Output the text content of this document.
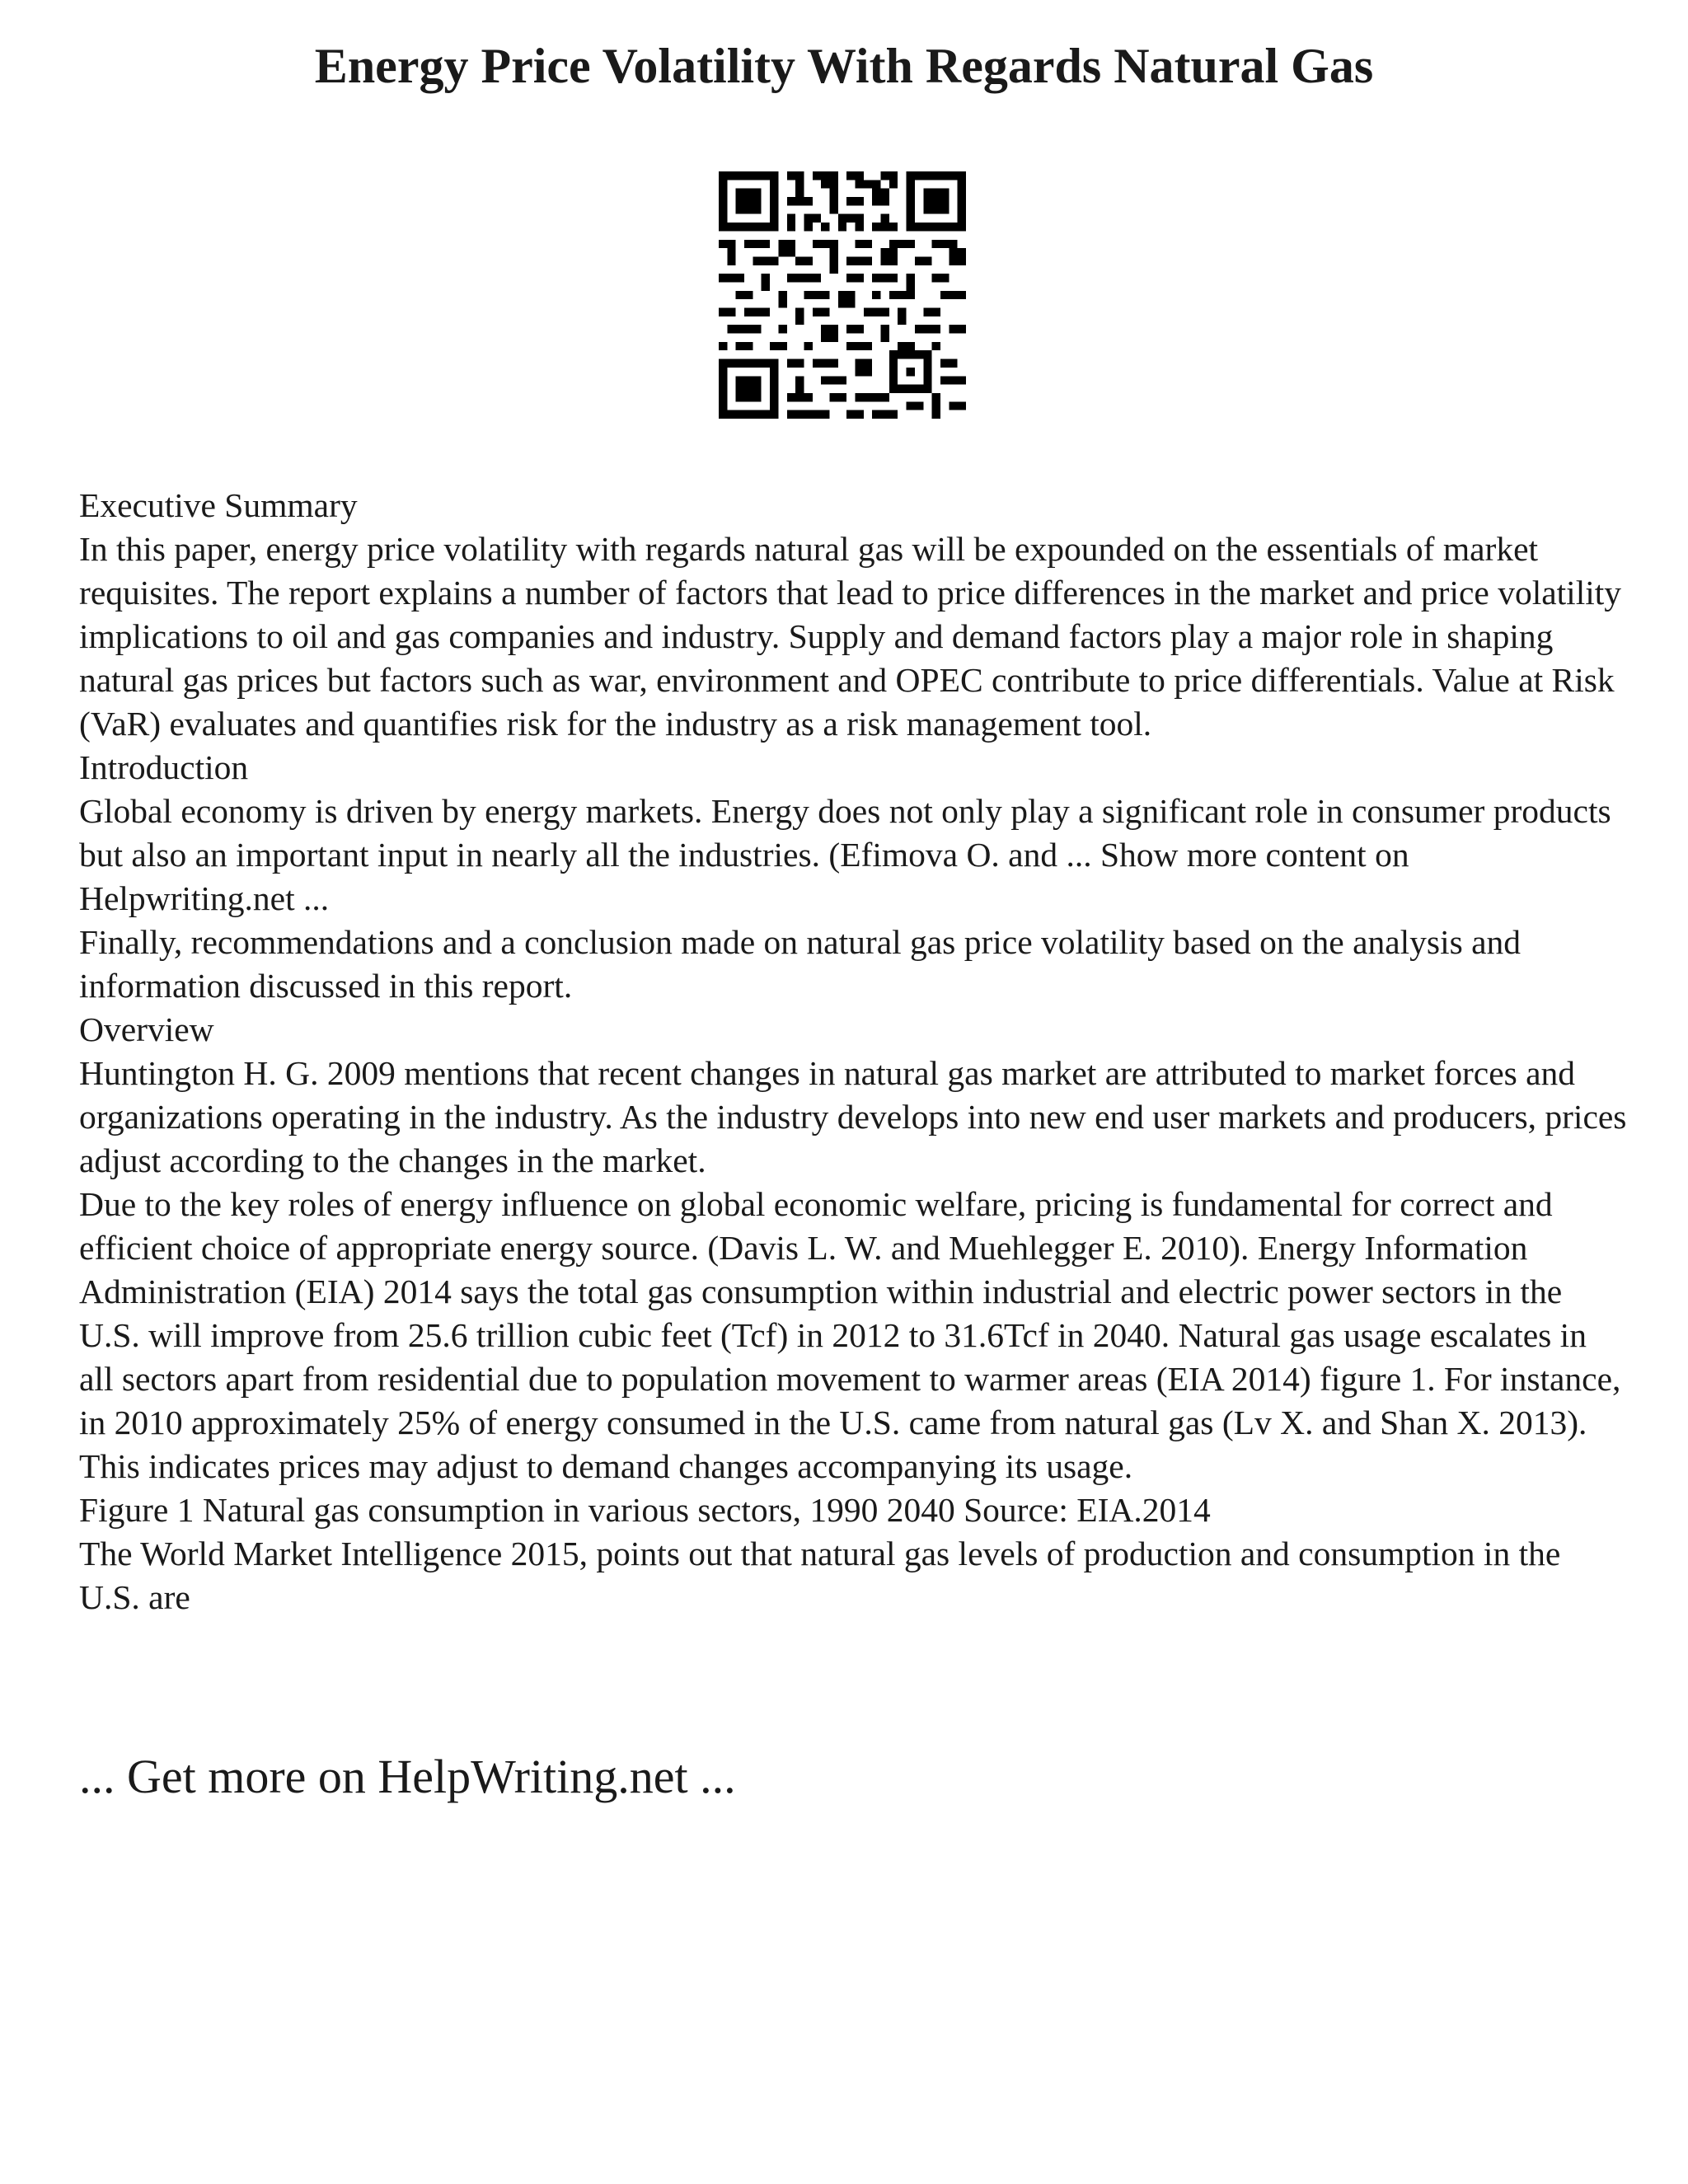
Energy Price Volatility With Regards Natural Gas

Executive Summary

In this paper, energy price volatility with regards natural gas will be expounded on the essentials of market requisites. The report explains a number of factors that lead to price differences in the market and price volatility implications to oil and gas companies and industry. Supply and demand factors play a major role in shaping natural gas prices but factors such as war, environment and OPEC contribute to price differentials. Value at Risk (VaR) evaluates and quantifies risk for the industry as a risk management tool.

Introduction

Global economy is driven by energy markets. Energy does not only play a significant role in consumer products but also an important input in nearly all the industries. (Efimova O. and ... Show more content on Helpwriting.net ...

Finally, recommendations and a conclusion made on natural gas price volatility based on the analysis and information discussed in this report.

Overview

Huntington H. G. 2009 mentions that recent changes in natural gas market are attributed to market forces and organizations operating in the industry. As the industry develops into new end user markets and producers, prices adjust according to the changes in the market.

Due to the key roles of energy influence on global economic welfare, pricing is fundamental for correct and efficient choice of appropriate energy source. (Davis L. W. and Muehlegger E. 2010). Energy Information Administration (EIA) 2014 says the total gas consumption within industrial and electric power sectors in the U.S. will improve from 25.6 trillion cubic feet (Tcf) in 2012 to 31.6Tcf in 2040. Natural gas usage escalates in all sectors apart from residential due to population movement to warmer areas (EIA 2014) figure 1. For instance, in 2010 approximately 25% of energy consumed in the U.S. came from natural gas (Lv X. and Shan X. 2013). This indicates prices may adjust to demand changes accompanying its usage.

Figure 1 Natural gas consumption in various sectors, 1990 2040 Source: EIA.2014

The World Market Intelligence 2015, points out that natural gas levels of production and consumption in the U.S. are

... Get more on HelpWriting.net ...
